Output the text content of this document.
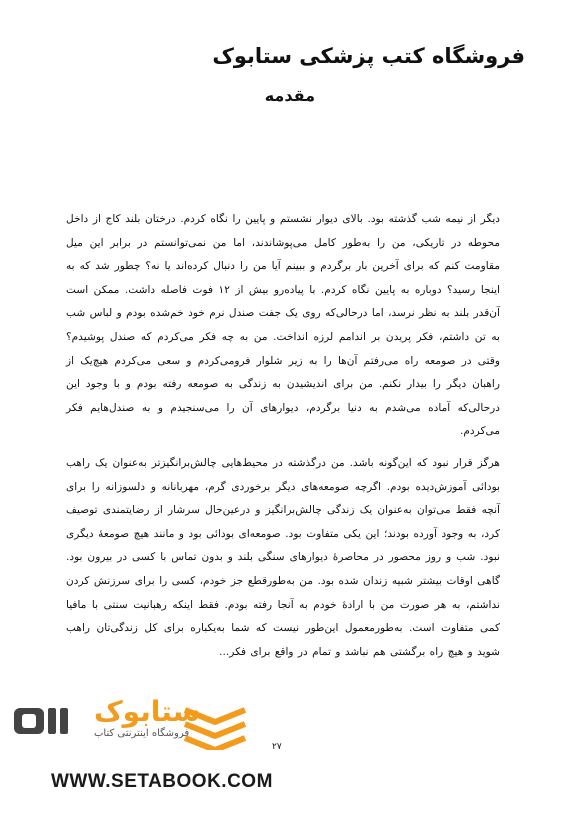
فروشگاه کتب پزشکی ستابوک
مقدمه

دیگر از نیمه شب گذشته بود. بالای دیوار نشستم و پایین را نگاه کردم. درختان بلند کاج از داخل محوطه در تاریکی، من را به‌طور کامل می‌پوشاندند، اما من نمی‌توانستم در برابر این میل مقاومت کنم که برای آخرین بار برگردم و ببینم آیا من را دنبال کرده‌اند یا نه؟ چطور شد که به اینجا رسید؟ دوباره به پایین نگاه کردم. با پیاده‌رو بیش از ۱۲ فوت فاصله داشت. ممکن است آن‌قدر بلند به نظر نرسد، اما درحالی‌که روی یک جفت صندل نرم خود خم‌شده بودم و لباس شب به تن داشتم، فکر پریدن بر اندامم لرزه انداخت. من به چه فکر می‌کردم که صندل پوشیدم؟ وقتی در صومعه راه می‌رفتم آن‌ها را به زیر شلوار فرومی‌کردم و سعی می‌کردم هیچ‌یک از راهبان دیگر را بیدار نکنم. من برای اندیشیدن به زندگی به صومعه رفته بودم و با وجود این درحالی‌که آماده می‌شدم به دنیا برگردم، دیوارهای آن را می‌سنجیدم و به صندل‌هایم فکر می‌کردم.

هرگز قرار نبود که این‌گونه باشد. من درگذشته در محیط‌هایی چالش‌برانگیزتر به‌عنوان یک راهب بودائی آموزش‌دیده بودم. اگرچه صومعه‌های دیگر برخوردی گرم، مهربانانه و دلسوزانه را برای آنچه فقط می‌توان به‌عنوان یک زندگی چالش‌برانگیز و درعین‌حال سرشار از رضایتمندی توصیف کرد، به وجود آورده بودند؛ این یکی متفاوت بود. صومعه‌ای بودائی بود و مانند هیچ صومعهٔ دیگری نبود. شب و روز محصور در محاصرهٔ دیوارهای سنگی بلند و بدون تماس با کسی در بیرون بود. گاهی اوقات بیشتر شبیه زندان شده بود. من به‌طورقطع جز خودم، کسی را برای سرزنش کردن نداشتم، به هر صورت من با ارادهٔ خودم به آنجا رفته بودم. فقط اینکه رهبانیت سنتی با مافیا کمی متفاوت است. به‌طورمعمول این‌طور نیست که شما به‌یکباره برای کل زندگی‌تان راهب شوید و هیچ راه برگشتی هم نباشد و تمام در واقع برای فکر...

۲۷
ستابوک
فروشگاه اینترنتی کتاب
WWW.SETABOOK.COM
